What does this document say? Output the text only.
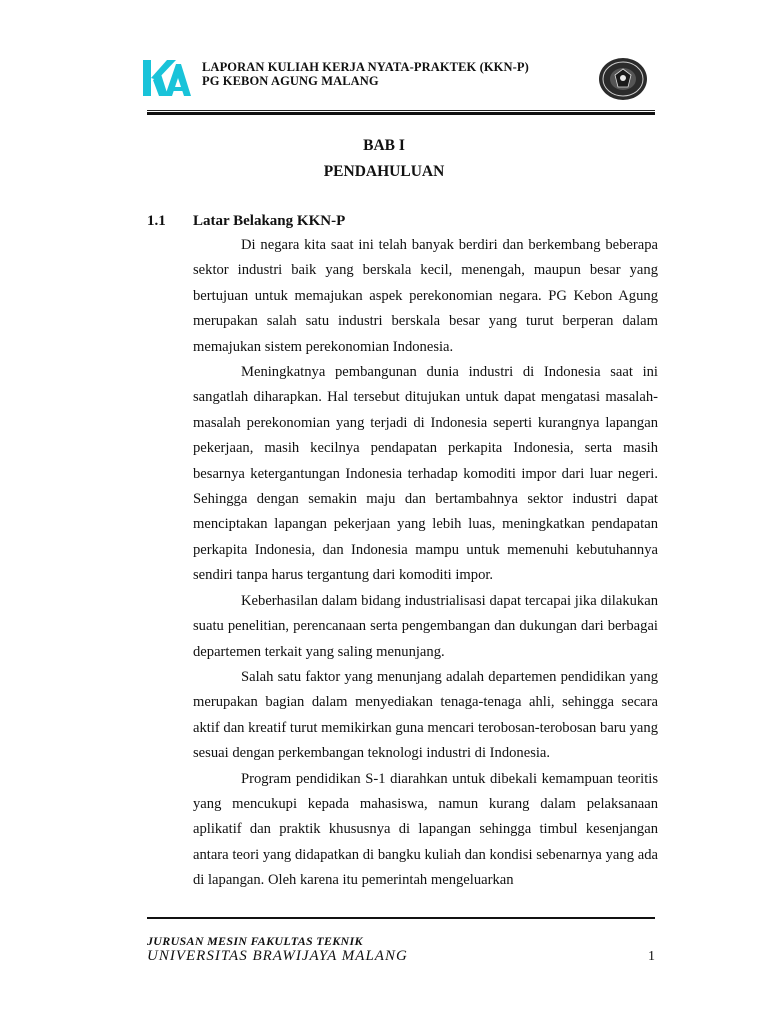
LAPORAN KULIAH KERJA NYATA-PRAKTEK (KKN-P)
PG KEBON AGUNG MALANG
BAB I
PENDAHULUAN
1.1 Latar Belakang KKN-P

Di negara kita saat ini telah banyak berdiri dan berkembang beberapa sektor industri baik yang berskala kecil, menengah, maupun besar yang bertujuan untuk memajukan aspek perekonomian negara. PG Kebon Agung merupakan salah satu industri berskala besar yang turut berperan dalam memajukan sistem perekonomian Indonesia.

Meningkatnya pembangunan dunia industri di Indonesia saat ini sangatlah diharapkan. Hal tersebut ditujukan untuk dapat mengatasi masalah-masalah perekonomian yang terjadi di Indonesia seperti kurangnya lapangan pekerjaan, masih kecilnya pendapatan perkapita Indonesia, serta masih besarnya ketergantungan Indonesia terhadap komoditi impor dari luar negeri. Sehingga dengan semakin maju dan bertambahnya sektor industri dapat menciptakan lapangan pekerjaan yang lebih luas, meningkatkan pendapatan perkapita Indonesia, dan Indonesia mampu untuk memenuhi kebutuhannya sendiri tanpa harus tergantung dari komoditi impor.

Keberhasilan dalam bidang industrialisasi dapat tercapai jika dilakukan suatu penelitian, perencanaan serta pengembangan dan dukungan dari berbagai departemen terkait yang saling menunjang.

Salah satu faktor yang menunjang adalah departemen pendidikan yang merupakan bagian dalam menyediakan tenaga-tenaga ahli, sehingga secara aktif dan kreatif turut memikirkan guna mencari terobosan-terobosan baru yang sesuai dengan perkembangan teknologi industri di Indonesia.

Program pendidikan S-1 diarahkan untuk dibekali kemampuan teoritis yang mencukupi kepada mahasiswa, namun kurang dalam pelaksanaan aplikatif dan praktik khususnya di lapangan sehingga timbul kesenjangan antara teori yang didapatkan di bangku kuliah dan kondisi sebenarnya yang ada di lapangan. Oleh karena itu pemerintah mengeluarkan

JURUSAN MESIN FAKULTAS TEKNIK
UNIVERSITAS BRAWIJAYA MALANG	1
